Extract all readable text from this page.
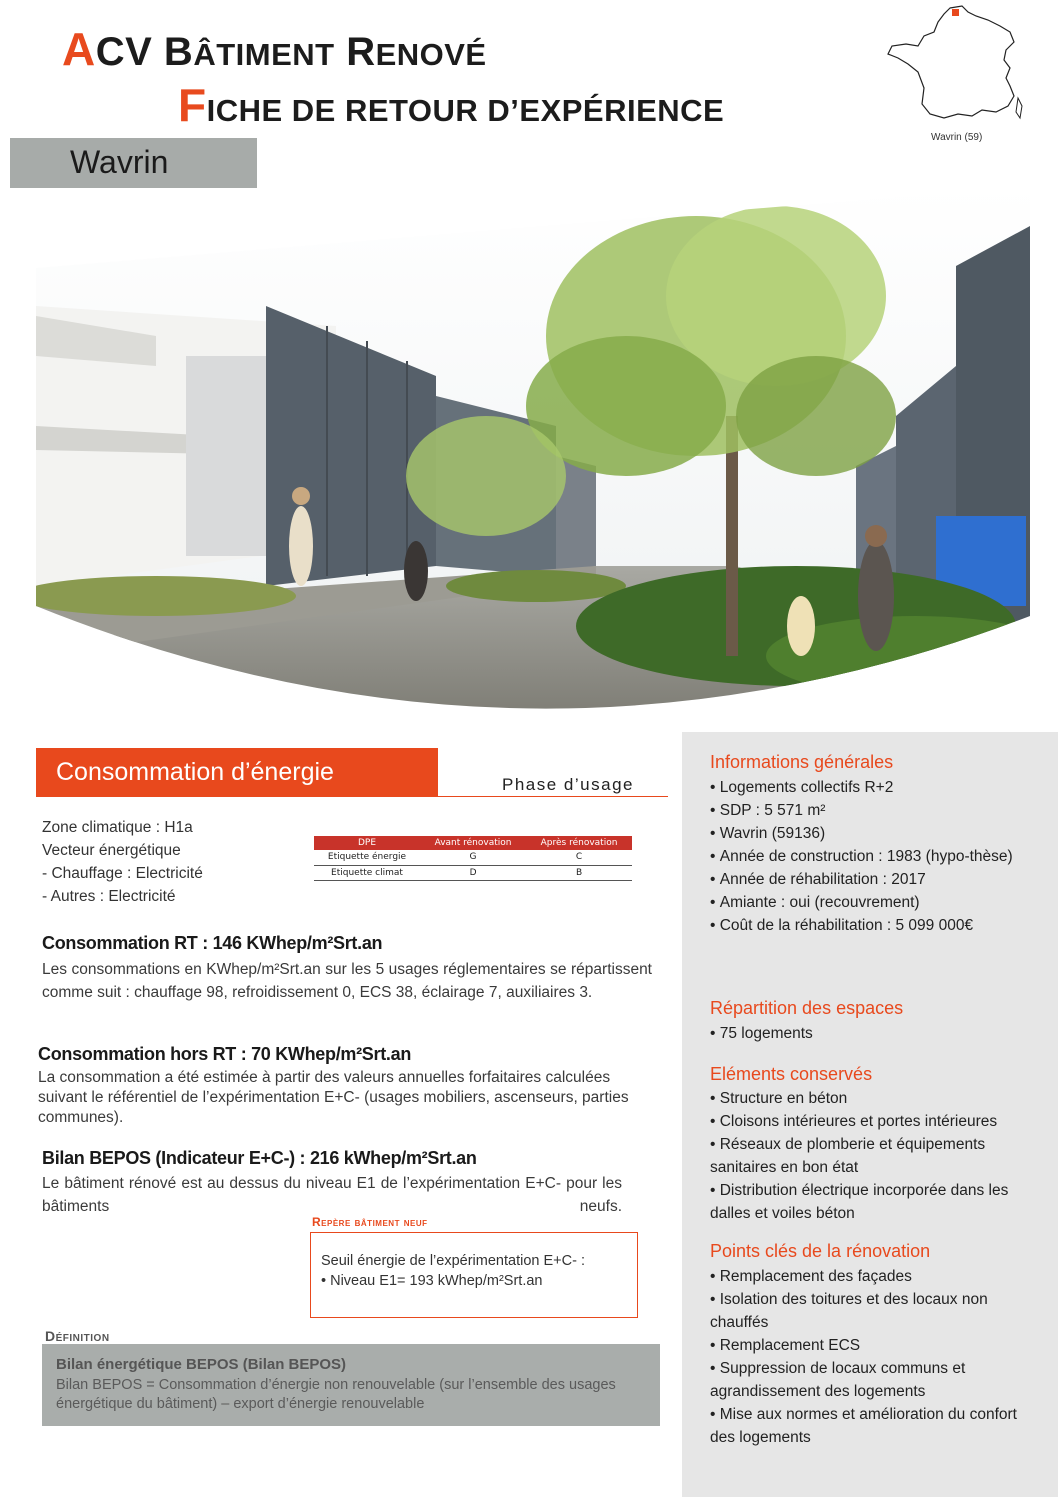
ACV BÂTIMENT RENOVÉ
FICHE DE RETOUR D’EXPÉRIENCE
Wavrin (59)
Wavrin
Consommation d’énergie	Phase d’usage
Zone climatique : H1a
Vecteur énergétique
- Chauffage : Electricité
- Autres : Electricité
DPE	Avant rénovation	Après rénovation
Etiquette énergie	G	C
Etiquette climat	D	B
Consommation RT : 146 KWhep/m²Srt.an
Les consommations en KWhep/m²Srt.an sur les 5 usages réglementaires se répartissent comme suit : chauffage 98, refroidissement 0, ECS 38, éclairage 7, auxiliaires 3.
Consommation hors RT : 70 KWhep/m²Srt.an
La consommation a été estimée à partir des valeurs annuelles forfaitaires calculées suivant le référentiel de l’expérimentation E+C- (usages mobiliers, ascenseurs, parties communes).
Bilan BEPOS (Indicateur E+C-) : 216 kWhep/m²Srt.an
Le bâtiment rénové est au dessus du niveau E1 de l’expérimentation E+C- pour les bâtiments neufs.
Repère bâtiment neuf
Seuil énergie de l’expérimentation E+C- :
• Niveau E1= 193 kWhep/m²Srt.an
Définition
Bilan énergétique BEPOS (Bilan BEPOS)
Bilan BEPOS = Consommation d’énergie non renouvelable (sur l’ensemble des usages énergétique du bâtiment) – export d’énergie renouvelable
Informations générales
• Logements collectifs R+2
• SDP : 5 571 m²
• Wavrin (59136)
• Année de construction : 1983 (hypo-thèse)
• Année de réhabilitation : 2017
• Amiante : oui (recouvrement)
• Coût de la réhabilitation : 5 099 000€
Répartition des espaces
• 75 logements
Eléments conservés
• Structure en béton
• Cloisons intérieures et portes intérieures
• Réseaux de plomberie et équipements sanitaires en bon état
• Distribution électrique incorporée dans les dalles et voiles béton
Points clés de la rénovation
• Remplacement des façades
• Isolation des toitures et des locaux non chauffés
• Remplacement ECS
• Suppression de locaux communs et agrandissement des logements
• Mise aux normes et amélioration du confort des logements
